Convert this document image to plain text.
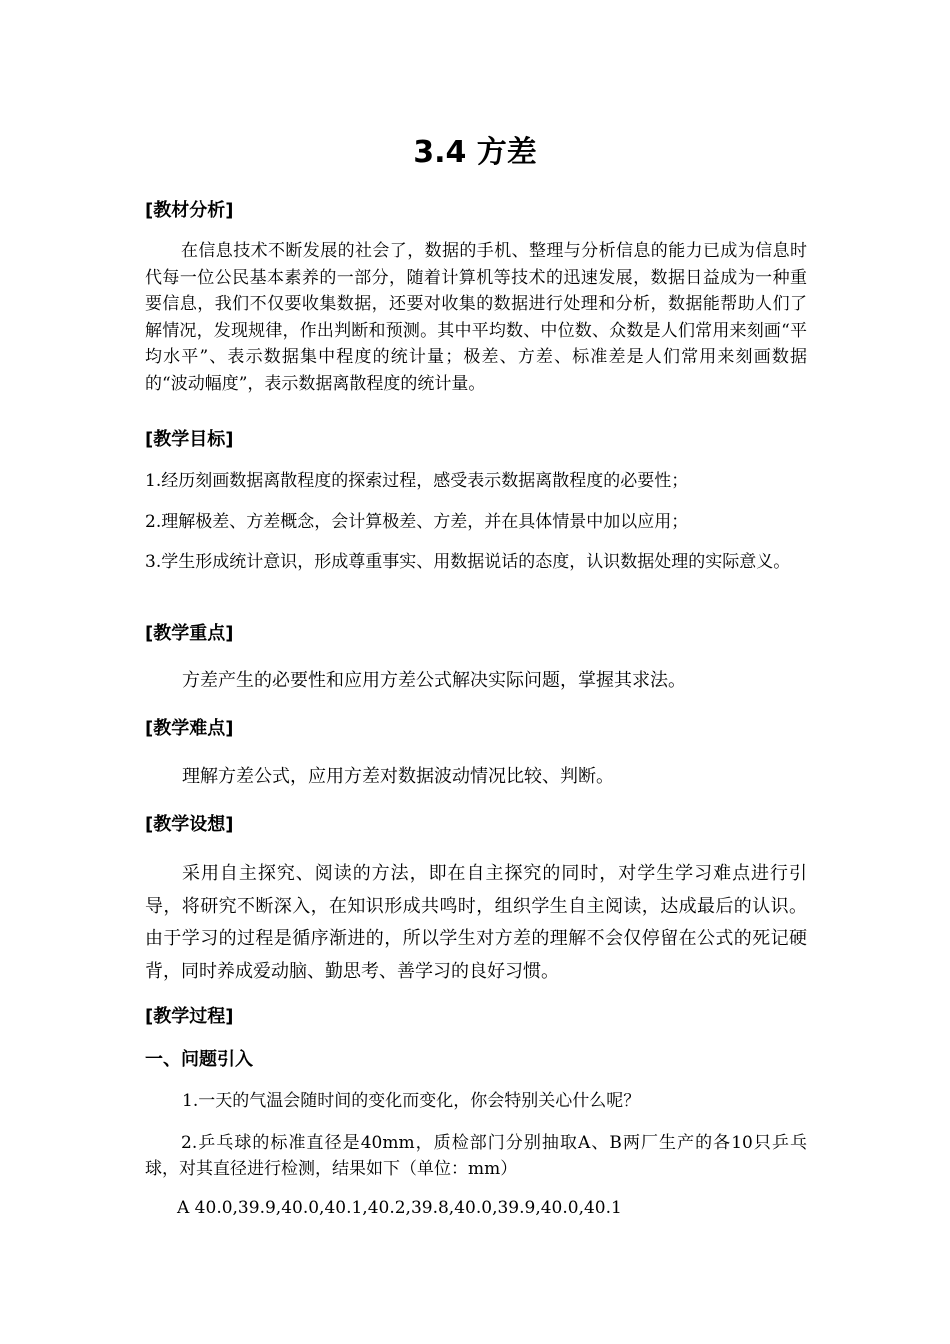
3.4 方差
[教材分析]
在信息技术不断发展的社会了，数据的手机、整理与分析信息的能力已成为信息时代每一位公民基本素养的一部分，随着计算机等技术的迅速发展，数据日益成为一种重要信息，我们不仅要收集数据，还要对收集的数据进行处理和分析，数据能帮助人们了解情况，发现规律，作出判断和预测。其中平均数、中位数、众数是人们常用来刻画“平均水平”、表示数据集中程度的统计量；极差、方差、标准差是人们常用来刻画数据的“波动幅度”，表示数据离散程度的统计量。
[教学目标]
1.经历刻画数据离散程度的探索过程，感受表示数据离散程度的必要性；
2.理解极差、方差概念，会计算极差、方差，并在具体情景中加以应用；
3.学生形成统计意识，形成尊重事实、用数据说话的态度，认识数据处理的实际意义。
[教学重点]
方差产生的必要性和应用方差公式解决实际问题，掌握其求法。
[教学难点]
理解方差公式，应用方差对数据波动情况比较、判断。
[教学设想]
采用自主探究、阅读的方法，即在自主探究的同时，对学生学习难点进行引导，将研究不断深入，在知识形成共鸣时，组织学生自主阅读，达成最后的认识。由于学习的过程是循序渐进的，所以学生对方差的理解不会仅停留在公式的死记硬背，同时养成爱动脑、勤思考、善学习的良好习惯。
[教学过程]
一、问题引入
1.一天的气温会随时间的变化而变化，你会特别关心什么呢？
2.乒乓球的标准直径是40mm，质检部门分别抽取A、B两厂生产的各10只乒乓球，对其直径进行检测，结果如下（单位：mm）
A 40.0,39.9,40.0,40.1,40.2,39.8,40.0,39.9,40.0,40.1
